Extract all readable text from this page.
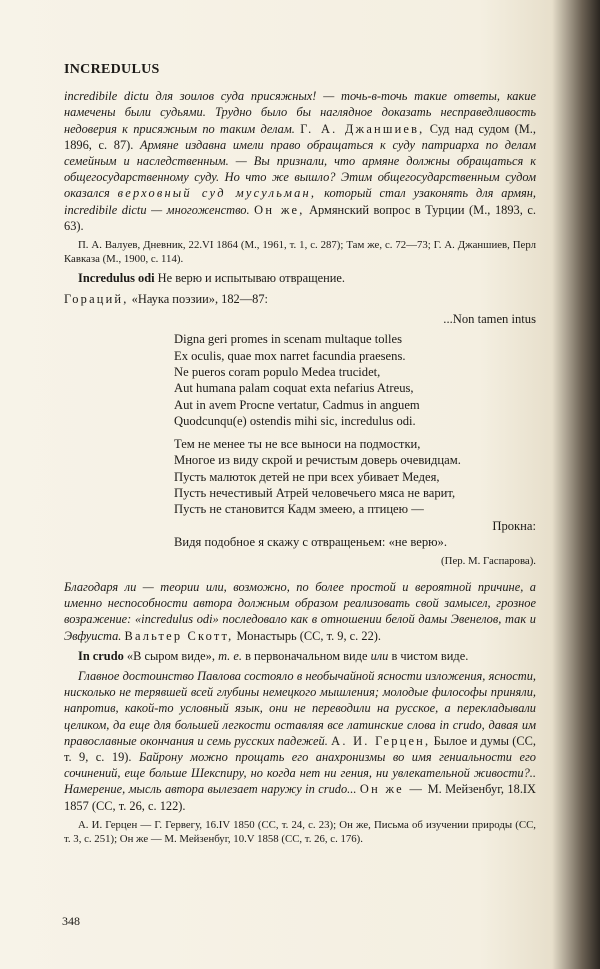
INCREDULUS

incredibile dictu для зоилов суда присяжных! — точь-в-точь такие ответы, какие намечены были судьями. Трудно было бы наглядное доказать несправедливость недоверия к присяжным по таким делам. Г. А. Джаншиев, Суд над судом (М., 1896, с. 87). Армяне издавна имели право обращаться к суду патриарха по делам семейным и наследственным. — Вы признали, что армяне должны обращаться к общегосударственному суду. Но что же вышло? Этим общегосударственным судом оказался верховный суд мусульман, который стал узаконять для армян, incredibile dictu — многоженство. Он же, Армянский вопрос в Турции (М., 1893, с. 63).

П. А. Валуев, Дневник, 22.VI 1864 (М., 1961, т. 1, с. 287); Там же, с. 72—73; Г. А. Джаншиев, Перл Кавказа (М., 1900, с. 114).

Incredulus odi Не верю и испытываю отвращение.

Гораций, «Наука поэзии», 182—87:

...Non tamen intus
Digna geri promes in scenam multaque tolles
Ex oculis, quae mox narret facundia praesens.
Ne pueros coram populo Medea trucidet,
Aut humana palam coquat exta nefarius Atreus,
Aut in avem Procne vertatur, Cadmus in anguem
Quodcunqu(e) ostendis mihi sic, incredulus odi.
Тем не менее ты не все выноси на подмостки,
Многое из виду скрой и речистым доверь очевидцам.
Пусть малюток детей не при всех убивает Медея,
Пусть нечестивый Атрей человечьего мяса не варит,
Пусть не становится Кадм змеею, а птицею —
Прокна:
Видя подобное я скажу с отвращеньем: «не верю».
(Пер. М. Гаспарова).

Благодаря ли — теории или, возможно, по более простой и вероятной причине, а именно неспособности автора должным образом реализовать свой замысел, грозное возражение: «incredulus odi» последовало как в отношении белой дамы Эвенелов, так и Эвфуиста. Вальтер Скотт, Монастырь (СС, т. 9, с. 22).

In crudo «В сыром виде», т. е. в первоначальном виде или в чистом виде.

Главное достоинство Павлова состояло в необычайной ясности изложения, ясности, нисколько не терявшей всей глубины немецкого мышления; молодые философы приняли, напротив, какой-то условный язык, они не переводили на русское, а перекладывали целиком, да еще для большей легкости оставляя все латинские слова in crudo, давая им православные окончания и семь русских падежей. А. И. Герцен, Былое и думы (СС, т. 9, с. 19). Байрону можно прощать его анахронизмы во имя гениальности его сочинений, еще больше Шекспиру, но когда нет ни гения, ни увлекательной живости?.. Намерение, мысль автора вылезает наружу in crudo... Он же — М. Мейзенбуг, 18.IX 1857 (СС, т. 26, с. 122).

А. И. Герцен — Г. Гервегу, 16.IV 1850 (СС, т. 24, с. 23); Он же, Письма об изучении природы (СС, т. 3, с. 251); Он же — М. Мейзенбуг, 10.V 1858 (СС, т. 26, с. 176).

348
